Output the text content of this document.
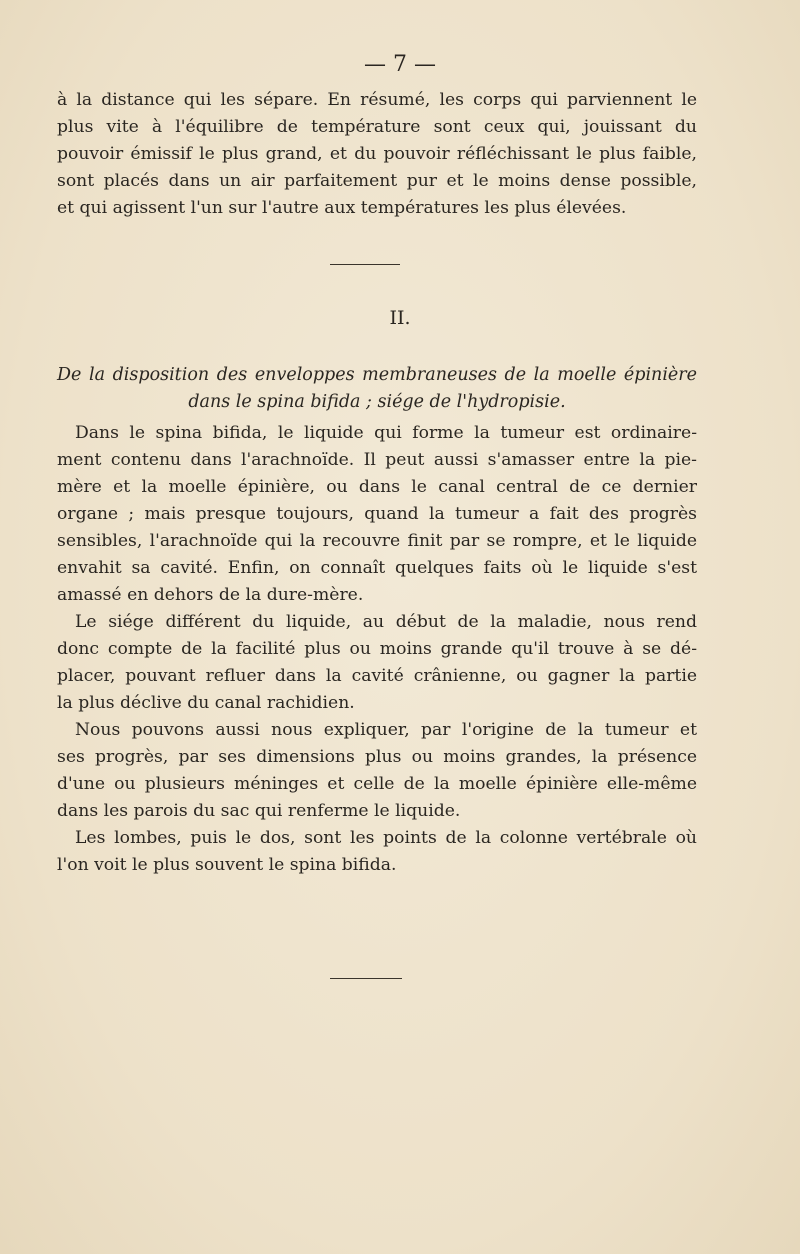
— 7 —
à la distance qui les sépare. En résumé, les corps qui parviennent le
plus vite à l'équilibre de température sont ceux qui, jouissant du
pouvoir émissif le plus grand, et du pouvoir réfléchissant le plus faible,
sont placés dans un air parfaitement pur et le moins dense possible,
et qui agissent l'un sur l'autre aux températures les plus élevées.
II.
De la disposition des enveloppes membraneuses de la moelle épinière
dans le spina bifida ; siége de l'hydropisie.
Dans le spina bifida, le liquide qui forme la tumeur est ordinaire-
ment contenu dans l'arachnoïde. Il peut aussi s'amasser entre la pie-
mère et la moelle épinière, ou dans le canal central de ce dernier
organe ; mais presque toujours, quand la tumeur a fait des progrès
sensibles, l'arachnoïde qui la recouvre finit par se rompre, et le liquide
envahit sa cavité. Enfin, on connaît quelques faits où le liquide s'est
amassé en dehors de la dure-mère.
Le siége différent du liquide, au début de la maladie, nous rend
donc compte de la facilité plus ou moins grande qu'il trouve à se dé-
placer, pouvant refluer dans la cavité crânienne, ou gagner la partie
la plus déclive du canal rachidien.
Nous pouvons aussi nous expliquer, par l'origine de la tumeur et
ses progrès, par ses dimensions plus ou moins grandes, la présence
d'une ou plusieurs méninges et celle de la moelle épinière elle-même
dans les parois du sac qui renferme le liquide.
Les lombes, puis le dos, sont les points de la colonne vertébrale où
l'on voit le plus souvent le spina bifida.
